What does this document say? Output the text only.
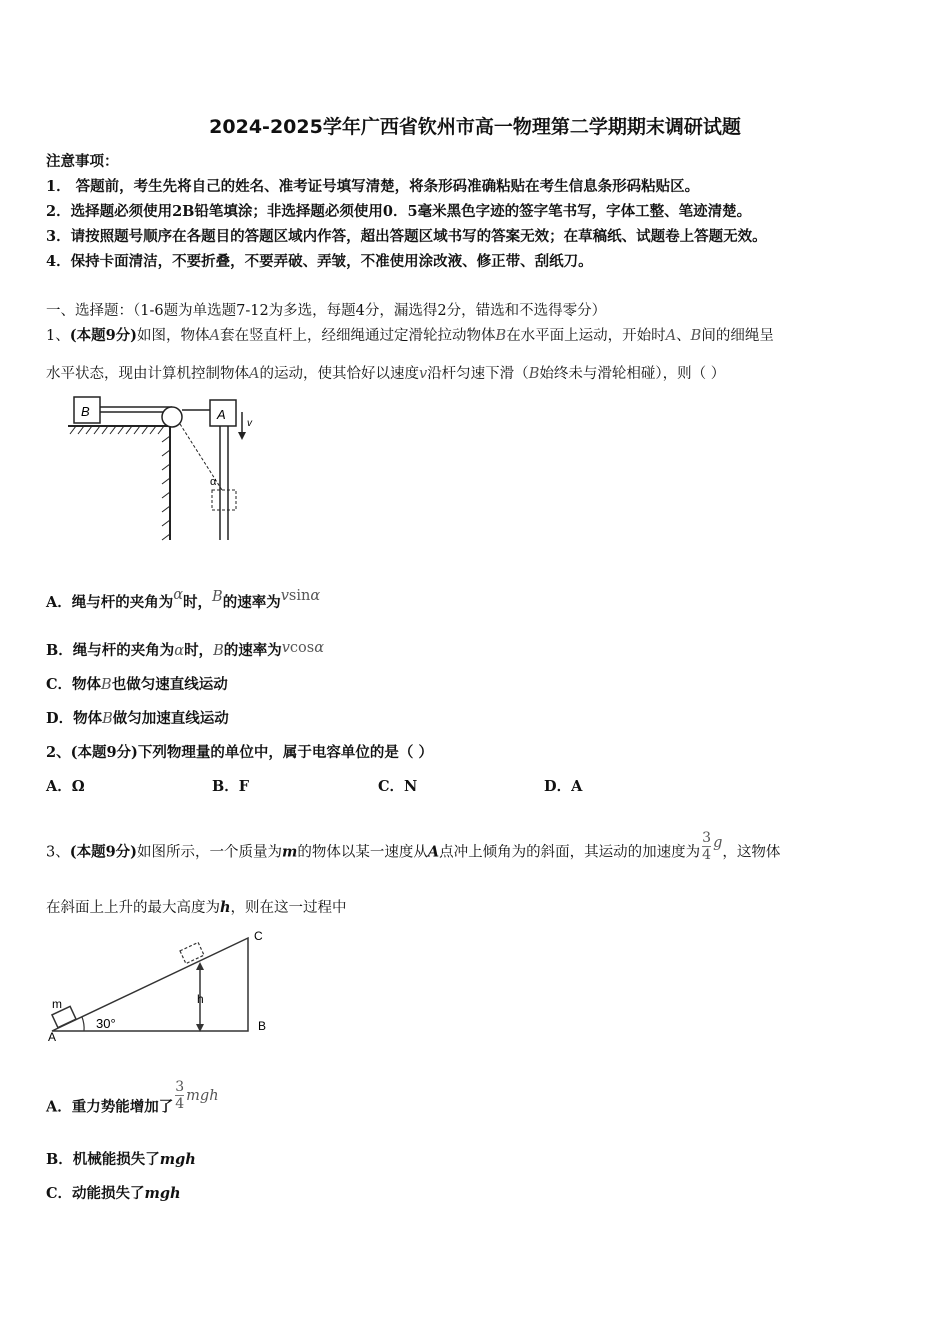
2024-2025学年广西省钦州市高一物理第二学期期末调研试题
注意事项：
1． 答题前，考生先将自己的姓名、准考证号填写清楚，将条形码准确粘贴在考生信息条形码粘贴区。
2．选择题必须使用2B铅笔填涂；非选择题必须使用0．5毫米黑色字迹的签字笔书写，字体工整、笔迹清楚。
3．请按照题号顺序在各题目的答题区域内作答，超出答题区域书写的答案无效；在草稿纸、试题卷上答题无效。
4．保持卡面清洁，不要折叠，不要弄破、弄皱，不准使用涂改液、修正带、刮纸刀。
一、选择题：（1-6题为单选题7-12为多选，每题4分，漏选得2分，错选和不选得零分）
1、(本题9分)如图，物体A套在竖直杆上，经细绳通过定滑轮拉动物体B在水平面上运动，开始时A、B间的细绳呈
水平状态，现由计算机控制物体A的运动，使其恰好以速度v沿杆匀速下滑（B始终未与滑轮相碰），则（ ）
B	A
v
α
A．绳与杆的夹角为α时，B的速率为vsinα
B．绳与杆的夹角为α时，B的速率为vcosα
C．物体B也做匀速直线运动
D．物体B做匀加速直线运动
2、(本题9分)下列物理量的单位中，属于电容单位的是（ ）
A．Ω	B．F	C．N	D．A
3、(本题9分)如图所示，一个质量为m的物体以某一速度从A点冲上倾角为的斜面，其运动的加速度为 $\frac{3}{4}$ g，这物体
在斜面上上升的最大高度为h，则在这一过程中
m	h
30°
A
B
C
A．重力势能增加了 $\frac{3}{4}$ mgh
B．机械能损失了mgh
C．动能损失了mgh
